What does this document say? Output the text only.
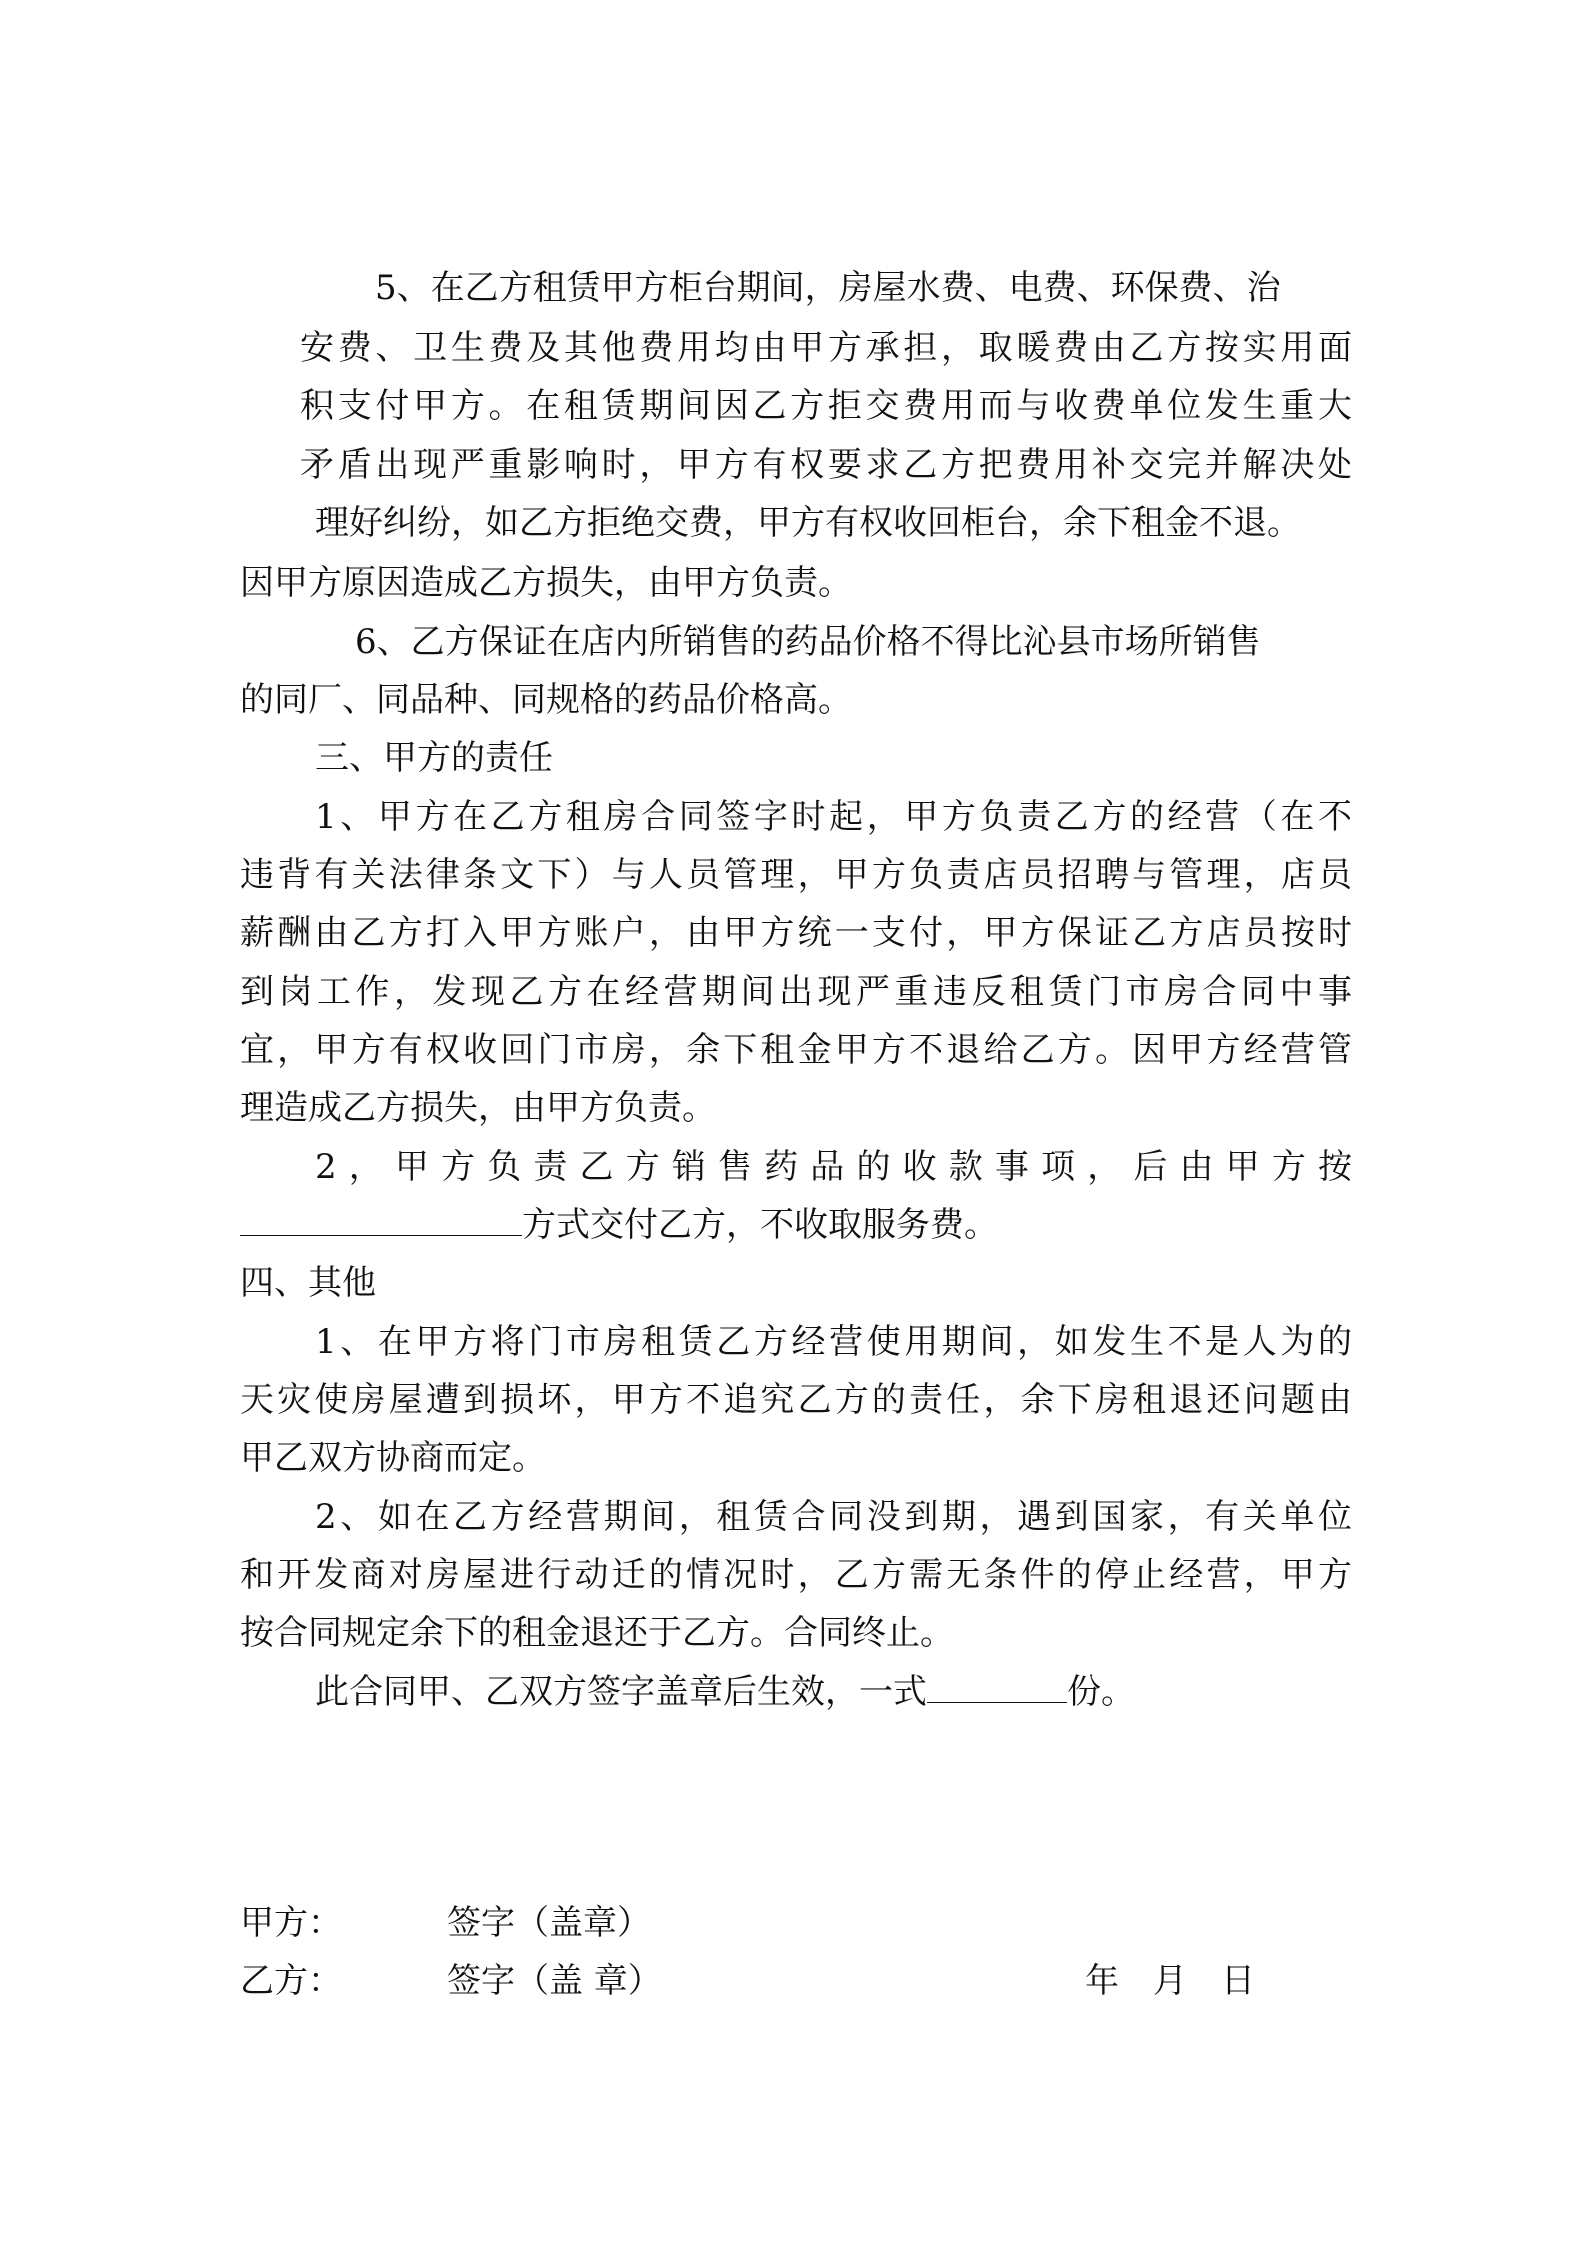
5、在乙方租赁甲方柜台期间，房屋水费、电费、环保费、治
安费、卫生费及其他费用均由甲方承担，取暖费由乙方按实用面
积支付甲方。在租赁期间因乙方拒交费用而与收费单位发生重大
矛盾出现严重影响时，甲方有权要求乙方把费用补交完并解决处
理好纠纷，如乙方拒绝交费，甲方有权收回柜台，余下租金不退。
因甲方原因造成乙方损失，由甲方负责。
6、乙方保证在店内所销售的药品价格不得比沁县市场所销售
的同厂、同品种、同规格的药品价格高。
三、甲方的责任
1、甲方在乙方租房合同签字时起，甲方负责乙方的经营（在不
违背有关法律条文下）与人员管理，甲方负责店员招聘与管理，店员
薪酬由乙方打入甲方账户，由甲方统一支付，甲方保证乙方店员按时
到岗工作，发现乙方在经营期间出现严重违反租赁门市房合同中事
宜，甲方有权收回门市房，余下租金甲方不退给乙方。因甲方经营管
理造成乙方损失，由甲方负责。
2，甲方负责乙方销售药品的收款事项，后由甲方按
方式交付乙方，不收取服务费。
四、其他
1、在甲方将门市房租赁乙方经营使用期间，如发生不是人为的
天灾使房屋遭到损坏，甲方不追究乙方的责任，余下房租退还问题由
甲乙双方协商而定。
2、如在乙方经营期间，租赁合同没到期，遇到国家，有关单位
和开发商对房屋进行动迁的情况时，乙方需无条件的停止经营，甲方
按合同规定余下的租金退还于乙方。合同终止。
此合同甲、乙双方签字盖章后生效，一式	份。
甲方：	签字（盖章）
乙方：	签字（盖 章）	年　月　日
